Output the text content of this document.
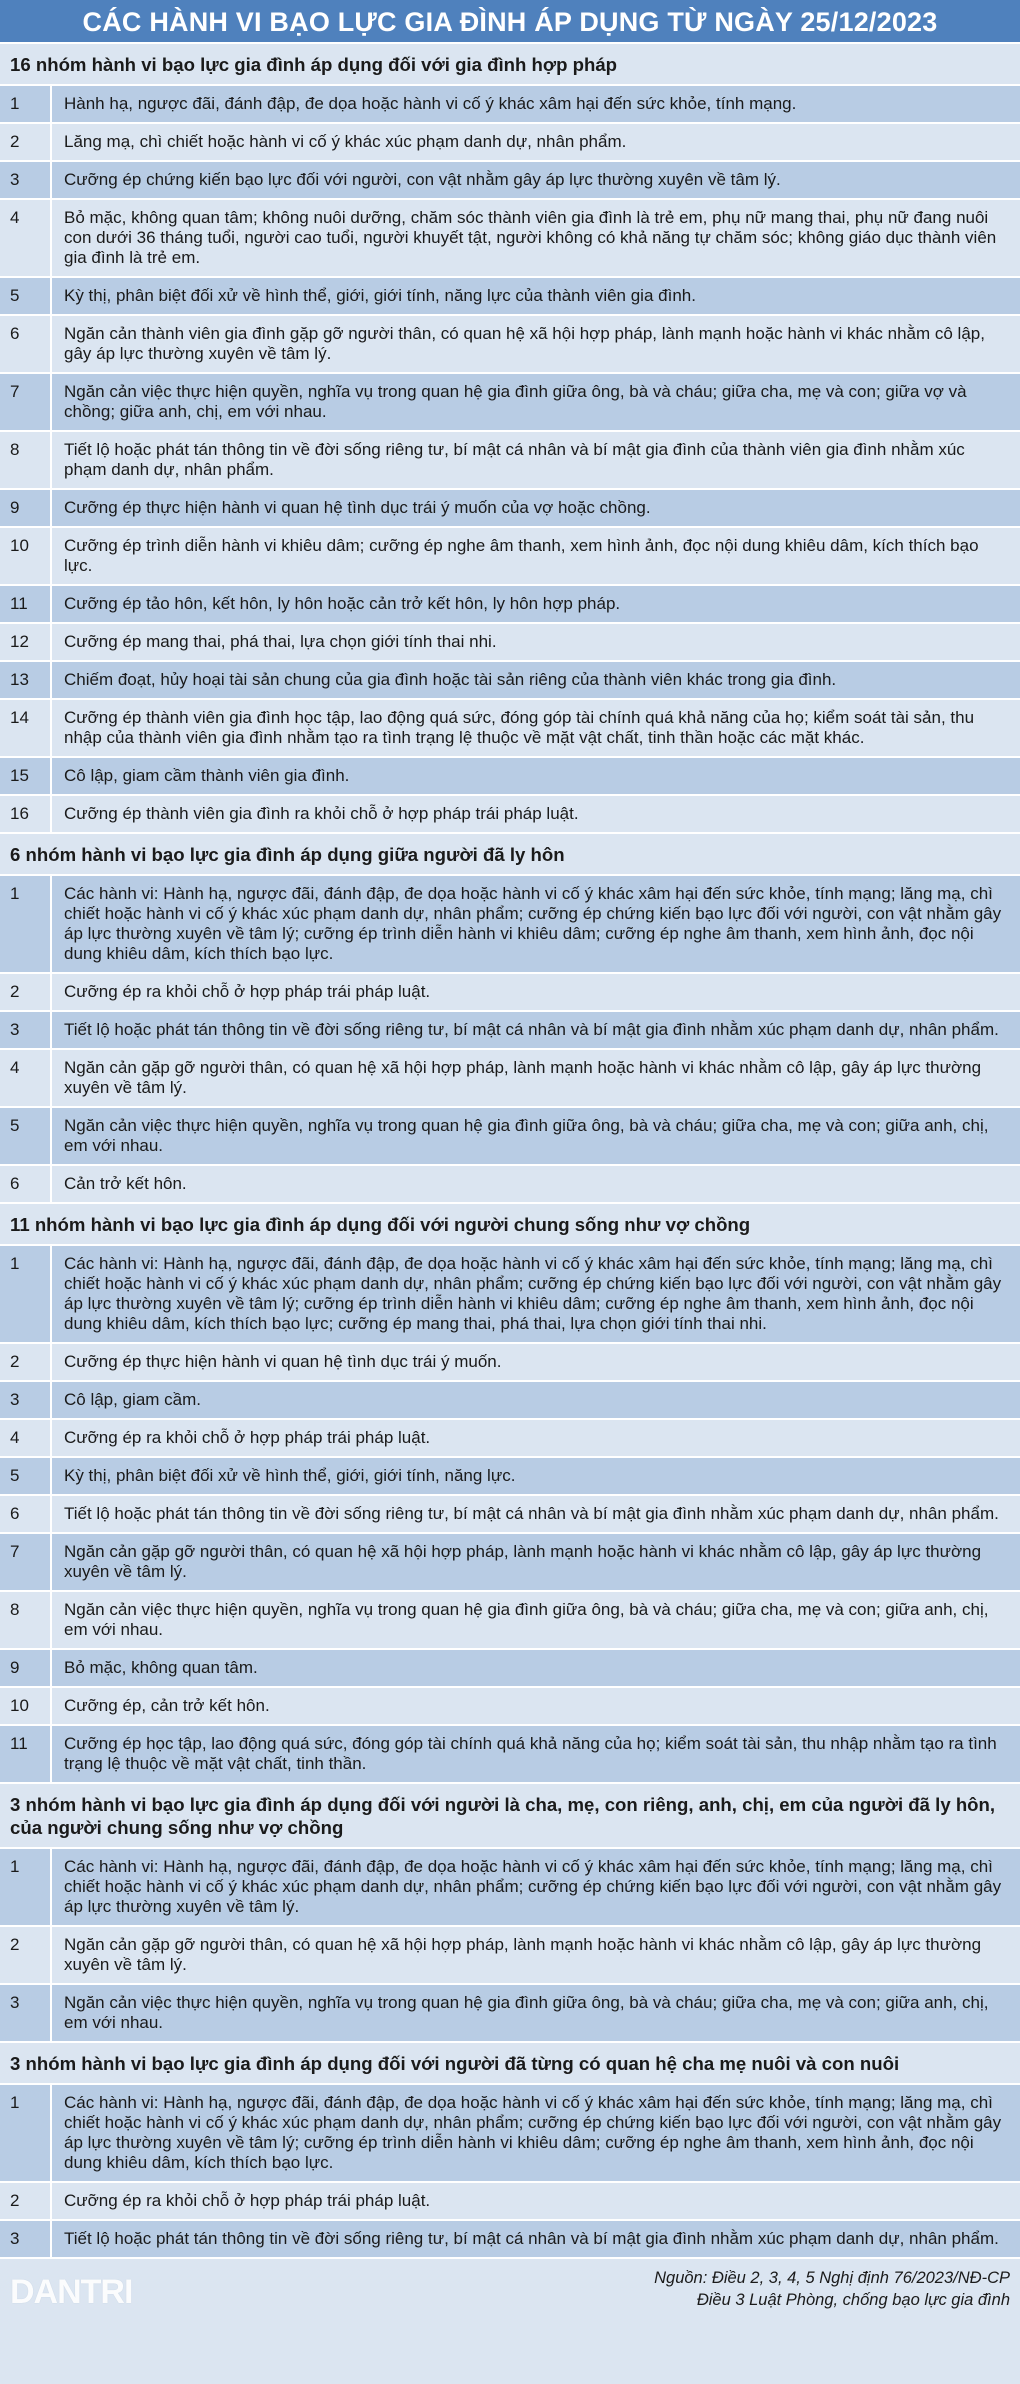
CÁC HÀNH VI BẠO LỰC GIA ĐÌNH ÁP DỤNG TỪ NGÀY 25/12/2023
16 nhóm hành vi bạo lực gia đình áp dụng đối với gia đình hợp pháp
1	Hành hạ, ngược đãi, đánh đập, đe dọa hoặc hành vi cố ý khác xâm hại đến sức khỏe, tính mạng.
2	Lăng mạ, chì chiết hoặc hành vi cố ý khác xúc phạm danh dự, nhân phẩm.
3	Cưỡng ép chứng kiến bạo lực đối với người, con vật nhằm gây áp lực thường xuyên về tâm lý.
4	Bỏ mặc, không quan tâm; không nuôi dưỡng, chăm sóc thành viên gia đình là trẻ em, phụ nữ mang thai, phụ nữ đang nuôi con dưới 36 tháng tuổi, người cao tuổi, người khuyết tật, người không có khả năng tự chăm sóc; không giáo dục thành viên gia đình là trẻ em.
5	Kỳ thị, phân biệt đối xử về hình thể, giới, giới tính, năng lực của thành viên gia đình.
6	Ngăn cản thành viên gia đình gặp gỡ người thân, có quan hệ xã hội hợp pháp, lành mạnh hoặc hành vi khác nhằm cô lập, gây áp lực thường xuyên về tâm lý.
7	Ngăn cản việc thực hiện quyền, nghĩa vụ trong quan hệ gia đình giữa ông, bà và cháu; giữa cha, mẹ và con; giữa vợ và chồng; giữa anh, chị, em với nhau.
8	Tiết lộ hoặc phát tán thông tin về đời sống riêng tư, bí mật cá nhân và bí mật gia đình của thành viên gia đình nhằm xúc phạm danh dự, nhân phẩm.
9	Cưỡng ép thực hiện hành vi quan hệ tình dục trái ý muốn của vợ hoặc chồng.
10	Cưỡng ép trình diễn hành vi khiêu dâm; cưỡng ép nghe âm thanh, xem hình ảnh, đọc nội dung khiêu dâm, kích thích bạo lực.
11	Cưỡng ép tảo hôn, kết hôn, ly hôn hoặc cản trở kết hôn, ly hôn hợp pháp.
12	Cưỡng ép mang thai, phá thai, lựa chọn giới tính thai nhi.
13	Chiếm đoạt, hủy hoại tài sản chung của gia đình hoặc tài sản riêng của thành viên khác trong gia đình.
14	Cưỡng ép thành viên gia đình học tập, lao động quá sức, đóng góp tài chính quá khả năng của họ; kiểm soát tài sản, thu nhập của thành viên gia đình nhằm tạo ra tình trạng lệ thuộc về mặt vật chất, tinh thần hoặc các mặt khác.
15	Cô lập, giam cầm thành viên gia đình.
16	Cưỡng ép thành viên gia đình ra khỏi chỗ ở hợp pháp trái pháp luật.
6 nhóm hành vi bạo lực gia đình áp dụng giữa người đã ly hôn
1	Các hành vi: Hành hạ, ngược đãi, đánh đập, đe dọa hoặc hành vi cố ý khác xâm hại đến sức khỏe, tính mạng; lăng mạ, chì chiết hoặc hành vi cố ý khác xúc phạm danh dự, nhân phẩm; cưỡng ép chứng kiến bạo lực đối với người, con vật nhằm gây áp lực thường xuyên về tâm lý; cưỡng ép trình diễn hành vi khiêu dâm; cưỡng ép nghe âm thanh, xem hình ảnh, đọc nội dung khiêu dâm, kích thích bạo lực.
2	Cưỡng ép ra khỏi chỗ ở hợp pháp trái pháp luật.
3	Tiết lộ hoặc phát tán thông tin về đời sống riêng tư, bí mật cá nhân và bí mật gia đình nhằm xúc phạm danh dự, nhân phẩm.
4	Ngăn cản gặp gỡ người thân, có quan hệ xã hội hợp pháp, lành mạnh hoặc hành vi khác nhằm cô lập, gây áp lực thường xuyên về tâm lý.
5	Ngăn cản việc thực hiện quyền, nghĩa vụ trong quan hệ gia đình giữa ông, bà và cháu; giữa cha, mẹ và con; giữa anh, chị, em với nhau.
6	Cản trở kết hôn.
11 nhóm hành vi bạo lực gia đình áp dụng đối với người chung sống như vợ chồng
1	Các hành vi: Hành hạ, ngược đãi, đánh đập, đe dọa hoặc hành vi cố ý khác xâm hại đến sức khỏe, tính mạng; lăng mạ, chì chiết hoặc hành vi cố ý khác xúc phạm danh dự, nhân phẩm; cưỡng ép chứng kiến bạo lực đối với người, con vật nhằm gây áp lực thường xuyên về tâm lý; cưỡng ép trình diễn hành vi khiêu dâm; cưỡng ép nghe âm thanh, xem hình ảnh, đọc nội dung khiêu dâm, kích thích bạo lực; cưỡng ép mang thai, phá thai, lựa chọn giới tính thai nhi.
2	Cưỡng ép thực hiện hành vi quan hệ tình dục trái ý muốn.
3	Cô lập, giam cầm.
4	Cưỡng ép ra khỏi chỗ ở hợp pháp trái pháp luật.
5	Kỳ thị, phân biệt đối xử về hình thể, giới, giới tính, năng lực.
6	Tiết lộ hoặc phát tán thông tin về đời sống riêng tư, bí mật cá nhân và bí mật gia đình nhằm xúc phạm danh dự, nhân phẩm.
7	Ngăn cản gặp gỡ người thân, có quan hệ xã hội hợp pháp, lành mạnh hoặc hành vi khác nhằm cô lập, gây áp lực thường xuyên về tâm lý.
8	Ngăn cản việc thực hiện quyền, nghĩa vụ trong quan hệ gia đình giữa ông, bà và cháu; giữa cha, mẹ và con; giữa anh, chị, em với nhau.
9	Bỏ mặc, không quan tâm.
10	Cưỡng ép, cản trở kết hôn.
11	Cưỡng ép học tập, lao động quá sức, đóng góp tài chính quá khả năng của họ; kiểm soát tài sản, thu nhập nhằm tạo ra tình trạng lệ thuộc về mặt vật chất, tinh thần.
3 nhóm hành vi bạo lực gia đình áp dụng đối với người là cha, mẹ, con riêng, anh, chị, em của người đã ly hôn, của người chung sống như vợ chồng
1	Các hành vi: Hành hạ, ngược đãi, đánh đập, đe dọa hoặc hành vi cố ý khác xâm hại đến sức khỏe, tính mạng; lăng mạ, chì chiết hoặc hành vi cố ý khác xúc phạm danh dự, nhân phẩm; cưỡng ép chứng kiến bạo lực đối với người, con vật nhằm gây áp lực thường xuyên về tâm lý.
2	Ngăn cản gặp gỡ người thân, có quan hệ xã hội hợp pháp, lành mạnh hoặc hành vi khác nhằm cô lập, gây áp lực thường xuyên về tâm lý.
3	Ngăn cản việc thực hiện quyền, nghĩa vụ trong quan hệ gia đình giữa ông, bà và cháu; giữa cha, mẹ và con; giữa anh, chị, em với nhau.
3 nhóm hành vi bạo lực gia đình áp dụng đối với người đã từng có quan hệ cha mẹ nuôi và con nuôi
1	Các hành vi: Hành hạ, ngược đãi, đánh đập, đe dọa hoặc hành vi cố ý khác xâm hại đến sức khỏe, tính mạng; lăng mạ, chì chiết hoặc hành vi cố ý khác xúc phạm danh dự, nhân phẩm; cưỡng ép chứng kiến bạo lực đối với người, con vật nhằm gây áp lực thường xuyên về tâm lý; cưỡng ép trình diễn hành vi khiêu dâm; cưỡng ép nghe âm thanh, xem hình ảnh, đọc nội dung khiêu dâm, kích thích bạo lực.
2	Cưỡng ép ra khỏi chỗ ở hợp pháp trái pháp luật.
3	Tiết lộ hoặc phát tán thông tin về đời sống riêng tư, bí mật cá nhân và bí mật gia đình nhằm xúc phạm danh dự, nhân phẩm.
DANTRI	Nguồn: Điều 2, 3, 4, 5 Nghị định 76/2023/NĐ-CP
Điều 3 Luật Phòng, chống bạo lực gia đình
